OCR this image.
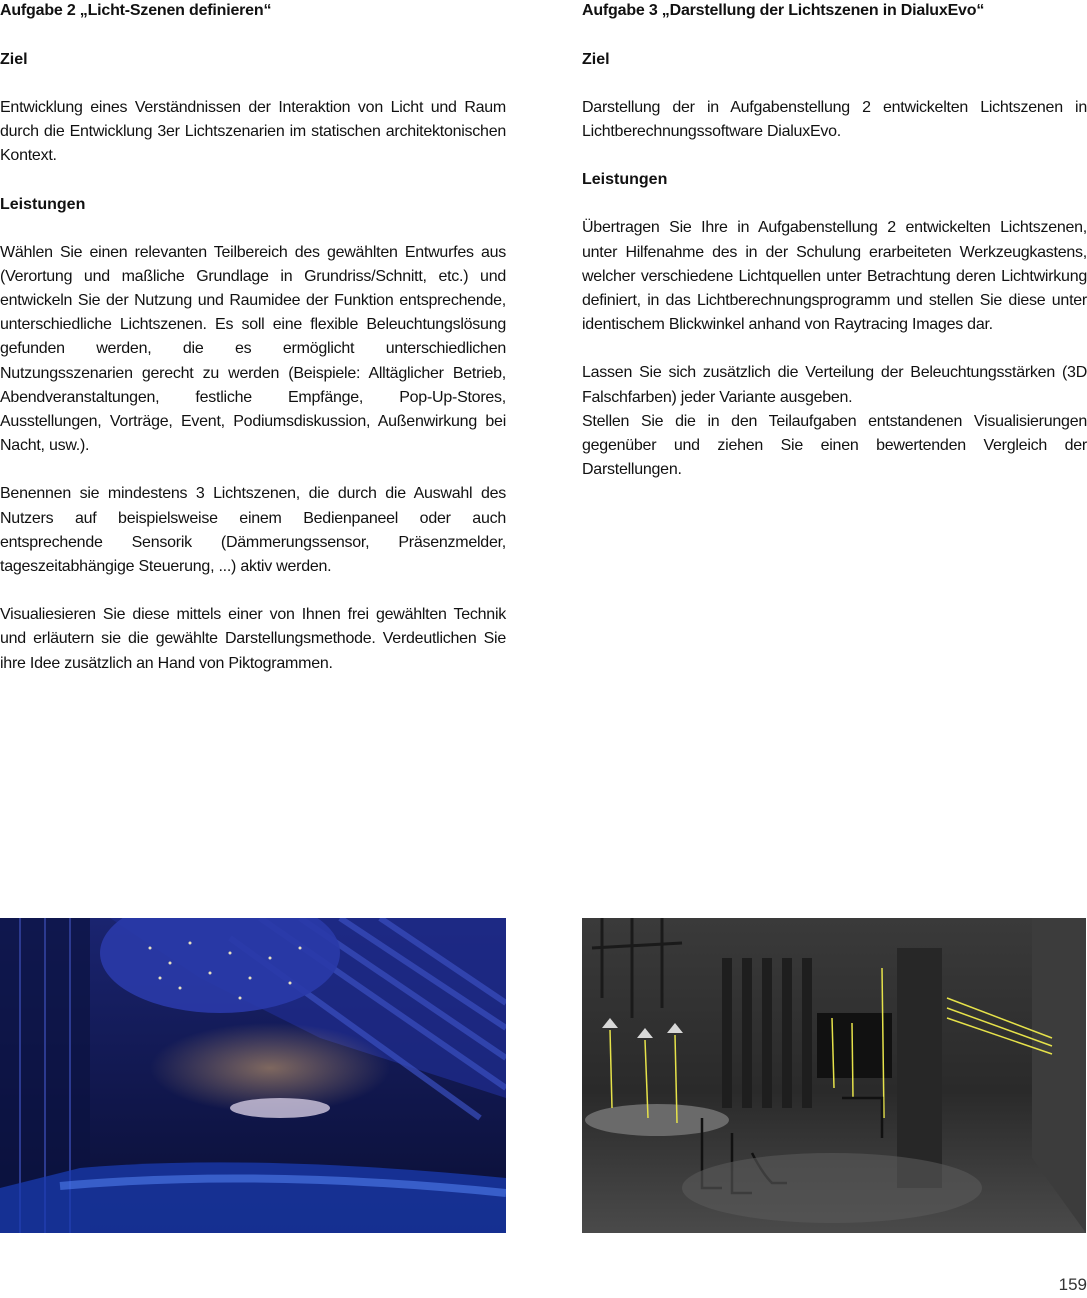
Aufgabe 2 „Licht-Szenen definieren“
Ziel

Entwicklung eines Verständnissen der Interaktion von Licht und Raum durch die Entwicklung 3er Lichtszenarien im statischen architektonischen Kontext.

Leistungen

Wählen Sie einen relevanten Teilbereich des gewählten Entwurfes aus (Verortung und maßliche Grundlage in Grundriss/Schnitt, etc.) und entwickeln Sie der Nutzung und Raumidee der Funktion entsprechende, unterschiedliche Lichtszenen. Es soll eine flexible Beleuchtungslösung gefunden werden, die es ermöglicht unterschiedlichen Nutzungsszenarien gerecht zu werden (Beispiele: Alltäglicher Betrieb, Abendveranstaltungen, festliche Empfänge, Pop-Up-Stores, Ausstellungen, Vorträge, Event, Podiumsdiskussion, Außenwirkung bei Nacht, usw.).

Benennen sie mindestens 3 Lichtszenen, die durch die Auswahl des Nutzers auf beispielsweise einem Bedienpaneel oder auch entsprechende Sensorik (Dämmerungssensor, Präsenzmelder, tageszeitabhängige Steuerung, ...) aktiv werden.

Visualiesieren Sie diese mittels einer von Ihnen frei gewählten Technik und erläutern sie die gewählte Darstellungsmethode. Verdeutlichen Sie ihre Idee zusätzlich an Hand von Piktogrammen.

Aufgabe 3 „Darstellung der Lichtszenen in DialuxEvo“
Ziel

Darstellung der in Aufgabenstellung 2 entwickelten Lichtszenen in Lichtberechnungssoftware DialuxEvo.

Leistungen

Übertragen Sie Ihre in Aufgabenstellung 2 entwickelten Lichtszenen, unter Hilfenahme des in der Schulung erarbeiteten Werkzeugkastens, welcher verschiedene Lichtquellen unter Betrachtung deren Lichtwirkung definiert, in das Lichtberechnungsprogramm und stellen Sie diese unter identischem Blickwinkel anhand von Raytracing Images dar.

Lassen Sie sich zusätzlich die Verteilung der Beleuchtungsstärken (3D Falschfarben) jeder Variante ausgeben.

Stellen Sie die in den Teilaufgaben entstandenen Visualisierungen gegenüber und ziehen Sie einen bewertenden Vergleich der Darstellungen.

159
